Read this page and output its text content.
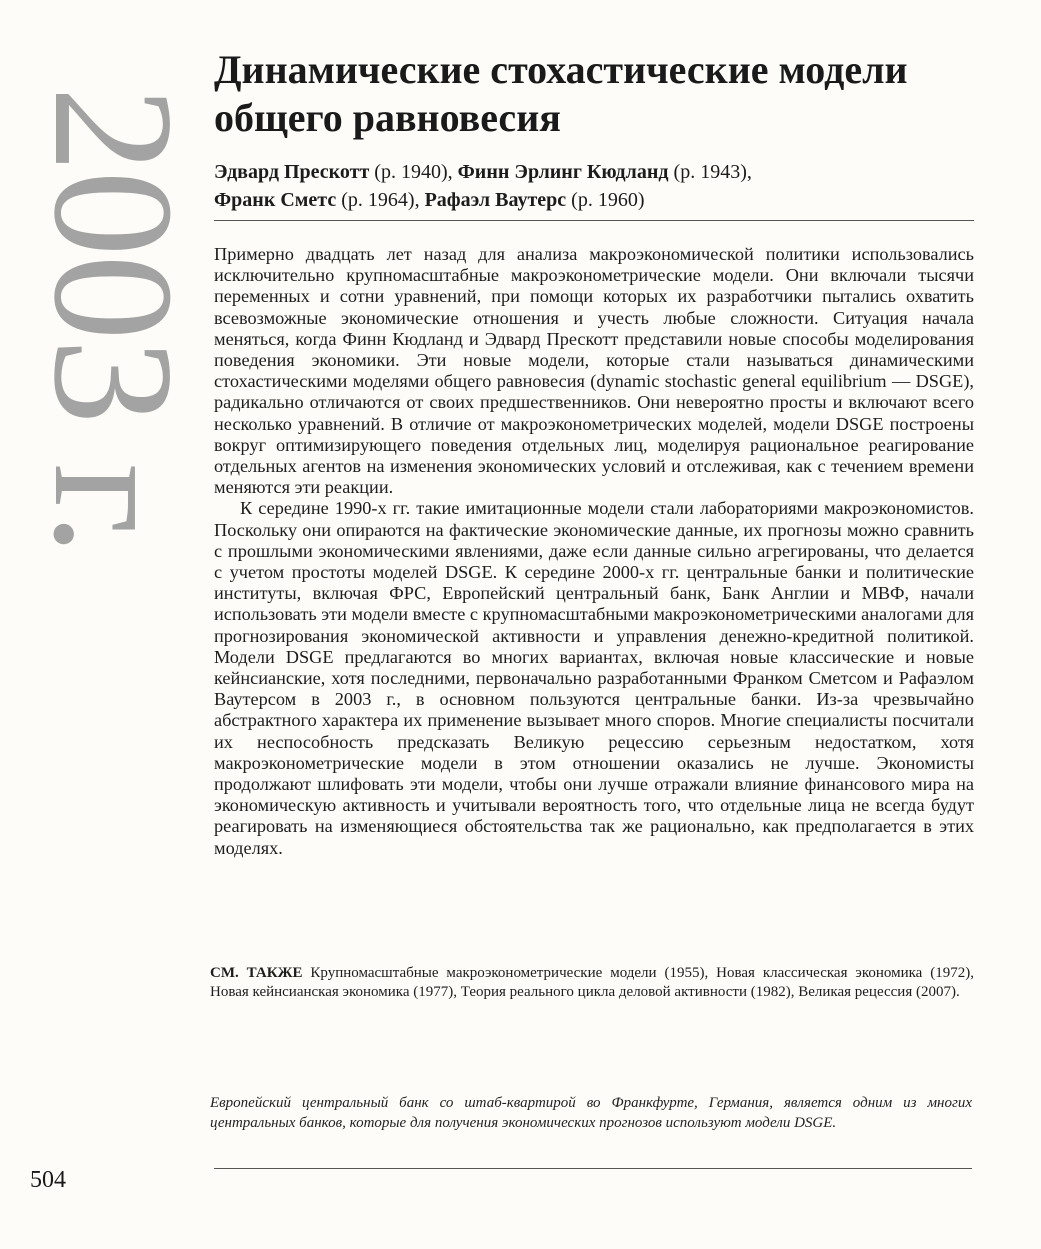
2003 г.
Динамические стохастические модели
общего равновесия
Эдвард Прескотт (р. 1940), Финн Эрлинг Кюдланд (р. 1943),
Франк Сметс (р. 1964), Рафаэл Ваутерс (р. 1960)

Примерно двадцать лет назад для анализа макроэкономической политики использовались исключительно крупномасштабные макроэконометрические модели. Они включали тысячи переменных и сотни уравнений, при помощи которых их разработчики пытались охватить всевозможные экономические отношения и учесть любые сложности. Ситуация начала меняться, когда Финн Кюдланд и Эдвард Прескотт представили новые способы моделирования поведения экономики. Эти новые модели, которые стали называться динамическими стохастическими моделями общего равновесия (dynamic stochastic general equilibrium — DSGE), радикально отличаются от своих предшественников. Они невероятно просты и включают всего несколько уравнений. В отличие от макроэконометрических моделей, модели DSGE построены вокруг оптимизирующего поведения отдельных лиц, моделируя рациональное реагирование отдельных агентов на изменения экономических условий и отслеживая, как с течением времени меняются эти реакции.

К середине 1990-х гг. такие имитационные модели стали лабораториями макроэкономистов. Поскольку они опираются на фактические экономические данные, их прогнозы можно сравнить с прошлыми экономическими явлениями, даже если данные сильно агрегированы, что делается с учетом простоты моделей DSGE. К середине 2000-х гг. центральные банки и политические институты, включая ФРС, Европейский центральный банк, Банк Англии и МВФ, начали использовать эти модели вместе с крупномасштабными макроэконометрическими аналогами для прогнозирования экономической активности и управления денежно-кредитной политикой. Модели DSGE предлагаются во многих вариантах, включая новые классические и новые кейнсианские, хотя последними, первоначально разработанными Франком Сметсом и Рафаэлом Ваутерсом в 2003 г., в основном пользуются центральные банки. Из-за чрезвычайно абстрактного характера их применение вызывает много споров. Многие специалисты посчитали их неспособность предсказать Великую рецессию серьезным недостатком, хотя макроэконометрические модели в этом отношении оказались не лучше. Экономисты продолжают шлифовать эти модели, чтобы они лучше отражали влияние финансового мира на экономическую активность и учитывали вероятность того, что отдельные лица не всегда будут реагировать на изменяющиеся обстоятельства так же рационально, как предполагается в этих моделях.

СМ. ТАКЖЕ Крупномасштабные макроэконометрические модели (1955), Новая классическая экономика (1972), Новая кейнсианская экономика (1977), Теория реального цикла деловой активности (1982), Великая рецессия (2007).
Европейский центральный банк со штаб-квартирой во Франкфурте, Германия, является одним из многих центральных банков, которые для получения экономических прогнозов используют модели DSGE.
504
